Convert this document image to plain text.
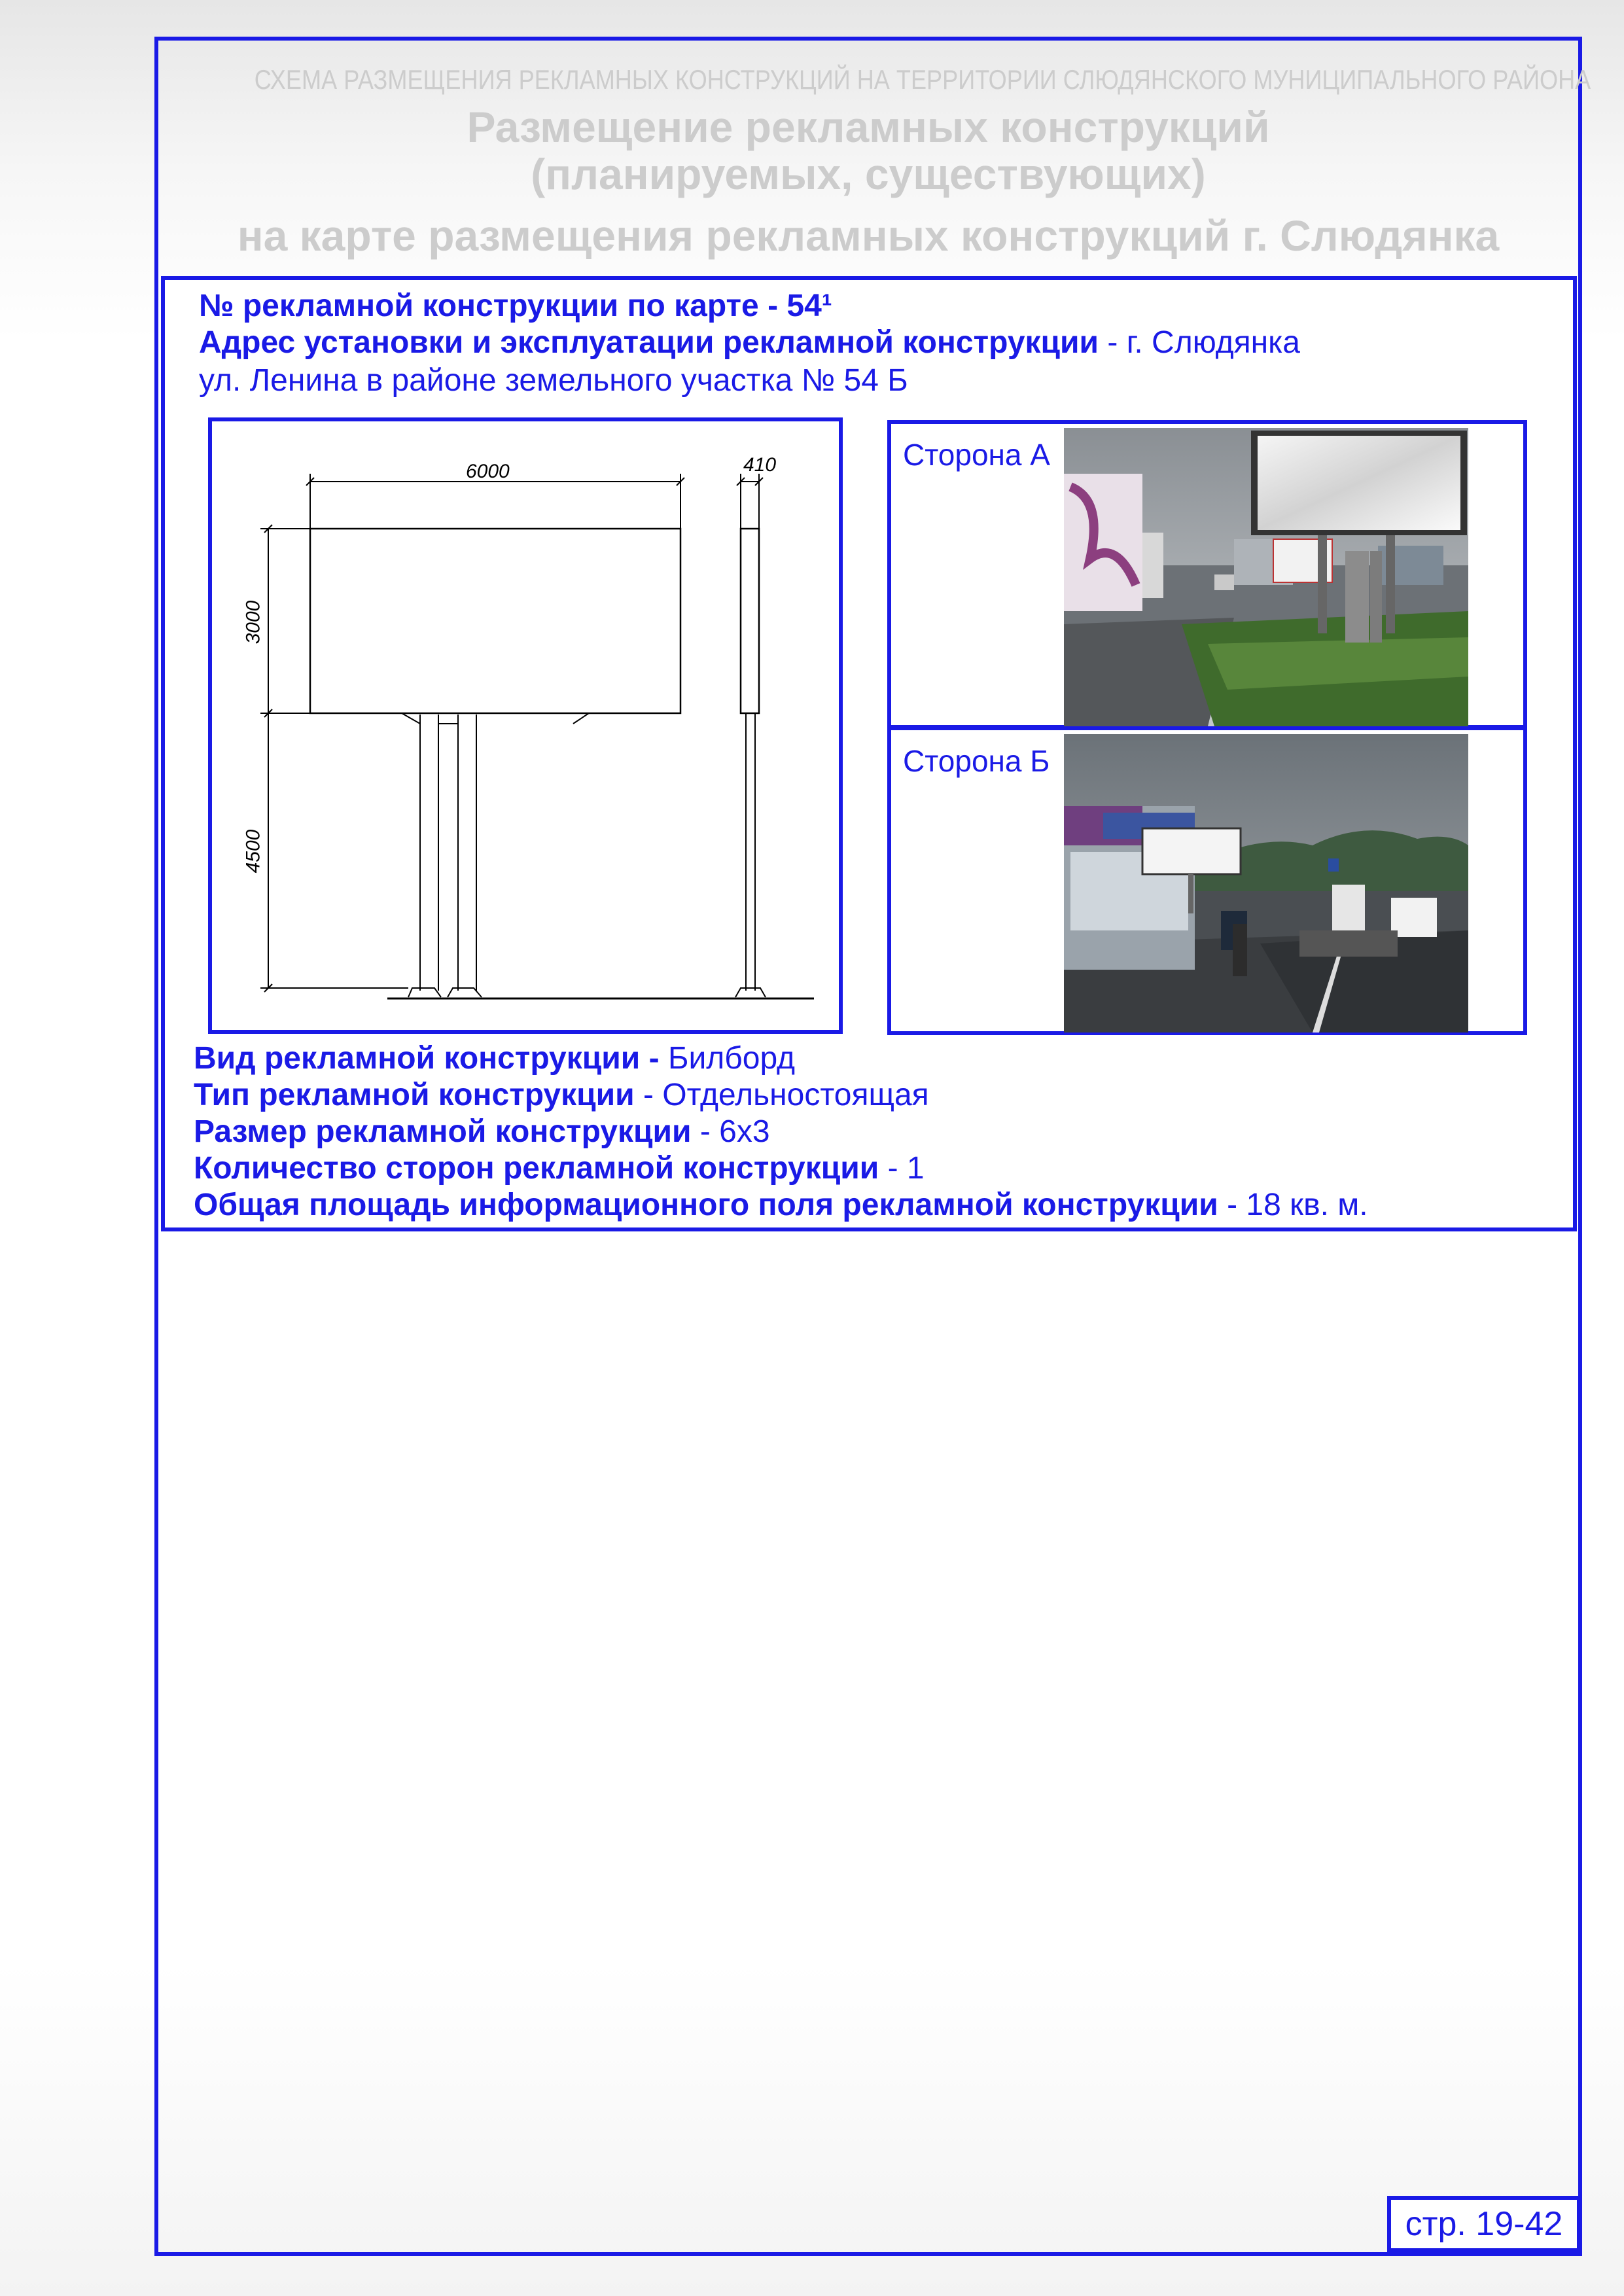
СХЕМА РАЗМЕЩЕНИЯ РЕКЛАМНЫХ КОНСТРУКЦИЙ НА ТЕРРИТОРИИ СЛЮДЯНСКОГО МУНИЦИПАЛЬНОГО РАЙОНА
Размещение рекламных конструкций
(планируемых, существующих)
на карте размещения рекламных конструкций г. Слюдянка
№ рекламной конструкции по карте - 54¹
Адрес установки и эксплуатации рекламной конструкции - г. Слюдянка
ул. Ленина в районе земельного участка № 54 Б
6000	410
3000
4500
Сторона А
Сторона Б
Вид рекламной конструкции - Билборд
Тип рекламной конструкции - Отдельностоящая
Размер рекламной конструкции - 6х3
Количество сторон рекламной конструкции - 1
Общая площадь информационного поля рекламной конструкции - 18 кв. м.
стр. 19-42
